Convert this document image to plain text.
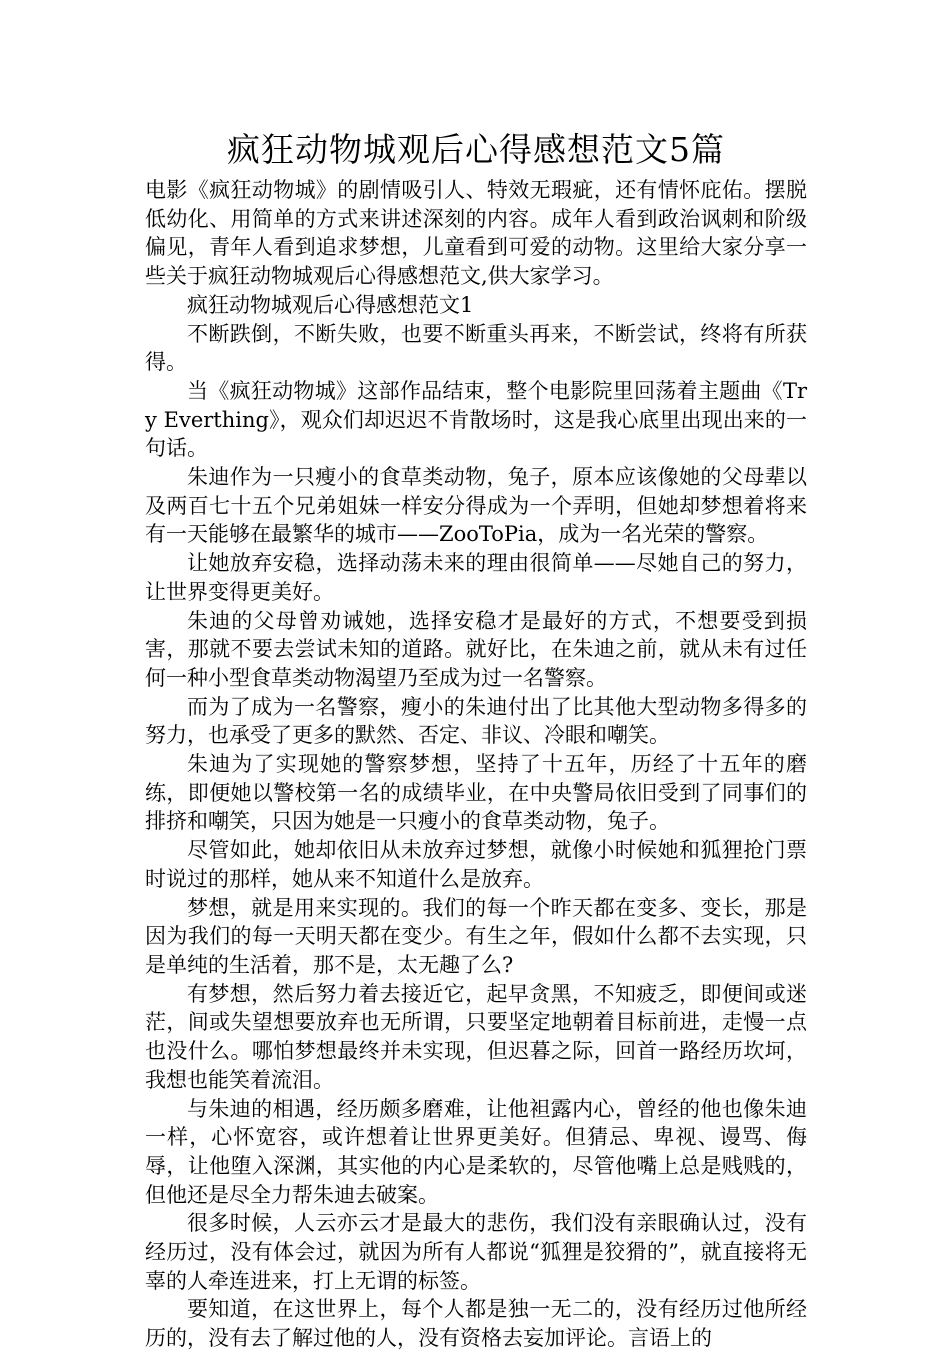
疯狂动物城观后心得感想范文5篇

电影《疯狂动物城》的剧情吸引人、特效无瑕疵，还有情怀庇佑。摆脱低幼化、用简单的方式来讲述深刻的内容。成年人看到政治讽刺和阶级偏见，青年人看到追求梦想，儿童看到可爱的动物。这里给大家分享一些关于疯狂动物城观后心得感想范文,供大家学习。

疯狂动物城观后心得感想范文1

不断跌倒，不断失败，也要不断重头再来，不断尝试，终将有所获得。

当《疯狂动物城》这部作品结束，整个电影院里回荡着主题曲《Try Everthing》，观众们却迟迟不肯散场时，这是我心底里出现出来的一句话。

朱迪作为一只瘦小的食草类动物，兔子，原本应该像她的父母辈以及两百七十五个兄弟姐妹一样安分得成为一个弄明，但她却梦想着将来有一天能够在最繁华的城市——ZooToPia，成为一名光荣的警察。

让她放弃安稳，选择动荡未来的理由很简单——尽她自己的努力，让世界变得更美好。

朱迪的父母曾劝诫她，选择安稳才是最好的方式，不想要受到损害，那就不要去尝试未知的道路。就好比，在朱迪之前，就从未有过任何一种小型食草类动物渴望乃至成为过一名警察。

而为了成为一名警察，瘦小的朱迪付出了比其他大型动物多得多的努力，也承受了更多的默然、否定、非议、冷眼和嘲笑。

朱迪为了实现她的警察梦想，坚持了十五年，历经了十五年的磨练，即便她以警校第一名的成绩毕业，在中央警局依旧受到了同事们的排挤和嘲笑，只因为她是一只瘦小的食草类动物，兔子。

尽管如此，她却依旧从未放弃过梦想，就像小时候她和狐狸抢门票时说过的那样，她从来不知道什么是放弃。

梦想，就是用来实现的。我们的每一个昨天都在变多、变长，那是因为我们的每一天明天都在变少。有生之年，假如什么都不去实现，只是单纯的生活着，那不是，太无趣了么?

有梦想，然后努力着去接近它，起早贪黑，不知疲乏，即便间或迷茫，间或失望想要放弃也无所谓，只要坚定地朝着目标前进，走慢一点也没什么。哪怕梦想最终并未实现，但迟暮之际，回首一路经历坎坷，我想也能笑着流泪。

与朱迪的相遇，经历颇多磨难，让他袒露内心，曾经的他也像朱迪一样，心怀宽容，或许想着让世界更美好。但猜忌、卑视、谩骂、侮辱，让他堕入深渊，其实他的内心是柔软的，尽管他嘴上总是贱贱的，但他还是尽全力帮朱迪去破案。

很多时候，人云亦云才是最大的悲伤，我们没有亲眼确认过，没有经历过，没有体会过，就因为所有人都说“狐狸是狡猾的”，就直接将无辜的人牵连进来，打上无谓的标签。

要知道，在这世界上，每个人都是独一无二的，没有经历过他所经历的，没有去了解过他的人，没有资格去妄加评论。言语上的
